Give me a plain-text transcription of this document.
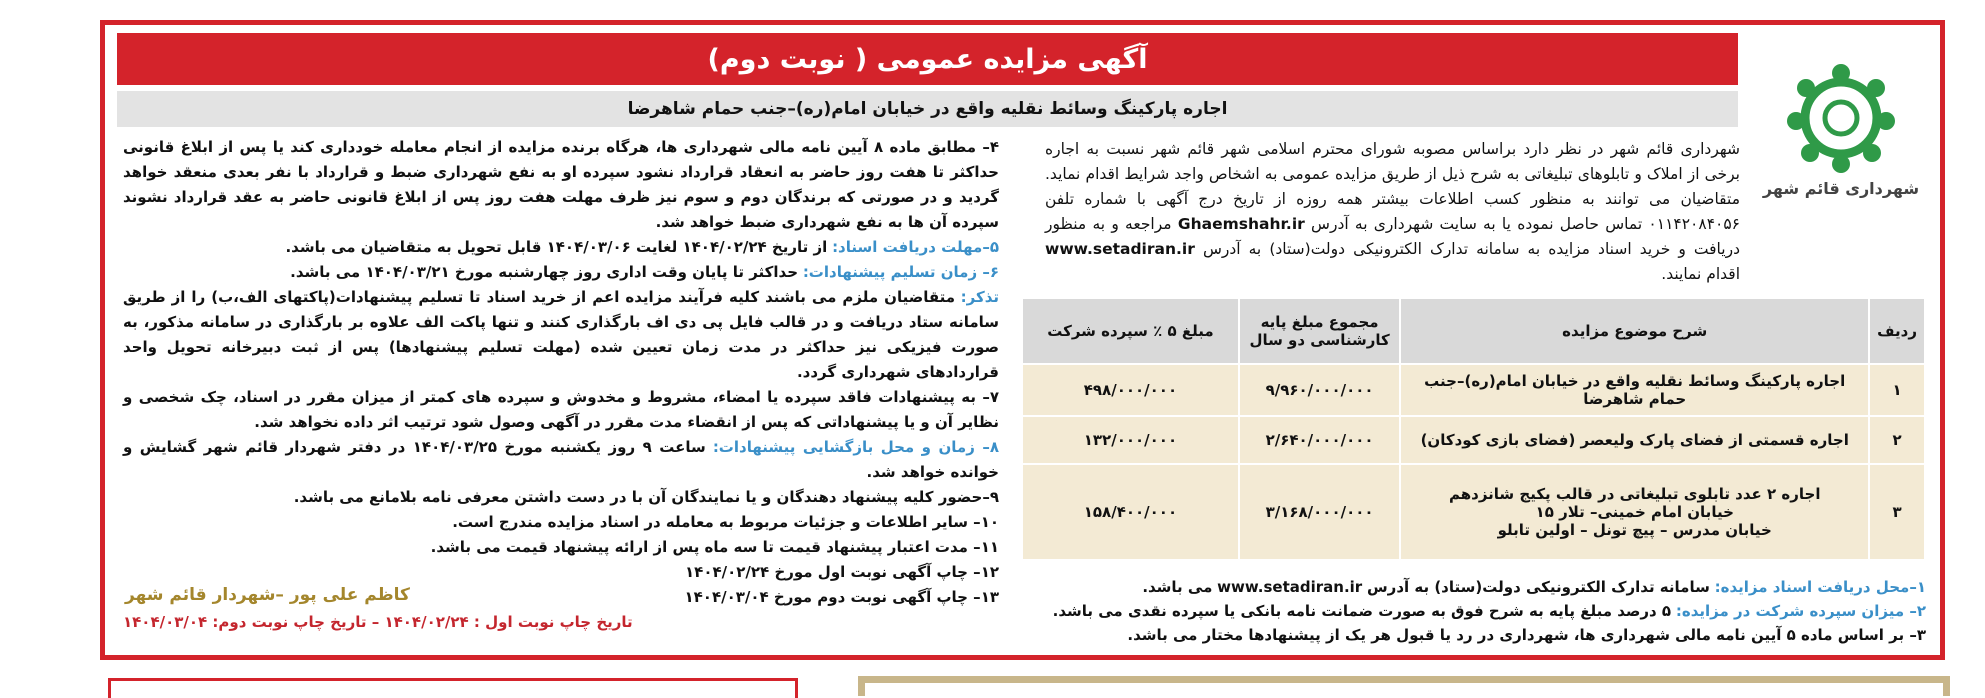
آگهی مزایده عمومی ( نوبت دوم)
اجاره پارکینگ وسائط نقلیه واقع در خیابان امام(ره)–جنب حمام شاهرضا
شهرداری قائم شهر
شهرداری قائم شهر در نظر دارد براساس مصوبه شورای محترم اسلامی شهر قائم شهر نسبت به اجاره برخی از املاک و تابلوهای تبلیغاتی به شرح ذیل از طریق مزایده عمومی به اشخاص واجد شرایط اقدام نماید. متقاضیان می توانند به منظور کسب اطلاعات بیشتر همه روزه از تاریخ درج آگهی با شماره تلفن ۰۱۱۴۲۰۸۴۰۵۶ تماس حاصل نموده یا به سایت شهرداری به آدرس Ghaemshahr.ir مراجعه و به منظور دریافت و خرید اسناد مزایده به سامانه تدارک الکترونیکی دولت(ستاد) به آدرس www.setadiran.ir اقدام نمایند.
ردیف	شرح موضوع مزایده	مجموع مبلغ پایه کارشناسی دو سال	مبلغ ۵ ٪ سپرده شرکت
۱	اجاره پارکینگ وسائط نقلیه واقع در خیابان امام(ره)–جنب حمام شاهرضا	۹/۹۶۰/۰۰۰/۰۰۰	۴۹۸/۰۰۰/۰۰۰
۲	اجاره قسمتی از فضای پارک ولیعصر (فضای بازی کودکان)	۲/۶۴۰/۰۰۰/۰۰۰	۱۳۲/۰۰۰/۰۰۰
۳	اجاره ۲ عدد تابلوی تبلیغاتی در قالب پکیج شانزدهم
خیابان امام خمینی– تلار ۱۵
خیابان مدرس – پیچ تونل – اولین تابلو	۳/۱۶۸/۰۰۰/۰۰۰	۱۵۸/۴۰۰/۰۰۰
۱–محل دریافت اسناد مزایده: سامانه تدارک الکترونیکی دولت(ستاد) به آدرس www.setadiran.ir می باشد.
۲– میزان سپرده شرکت در مزایده: ۵ درصد مبلغ پایه به شرح فوق به صورت ضمانت نامه بانکی یا سپرده نقدی می باشد.
۳– بر اساس ماده ۵ آیین نامه مالی شهرداری ها، شهرداری در رد یا قبول هر یک از پیشنهادها مختار می باشد.
۴– مطابق ماده ۸ آیین نامه مالی شهرداری ها، هرگاه برنده مزایده از انجام معامله خودداری کند یا پس از ابلاغ قانونی حداکثر تا هفت روز حاضر به انعقاد قرارداد نشود سپرده او به نفع شهرداری ضبط و قرارداد با نفر بعدی منعقد خواهد گردید و در صورتی که برندگان دوم و سوم نیز ظرف مهلت هفت روز پس از ابلاغ قانونی حاضر به عقد قرارداد نشوند سپرده آن ها به نفع شهرداری ضبط خواهد شد.
۵–مهلت دریافت اسناد: از تاریخ ۱۴۰۴/۰۲/۲۴ لغایت ۱۴۰۴/۰۳/۰۶ قابل تحویل به متقاضیان می باشد.
۶– زمان تسلیم پیشنهادات: حداکثر تا پایان وقت اداری روز چهارشنبه مورخ ۱۴۰۴/۰۳/۲۱ می باشد.
تذکر: متقاضیان ملزم می باشند کلیه فرآیند مزایده اعم از خرید اسناد تا تسلیم پیشنهادات(پاکتهای الف،ب) را از طریق سامانه ستاد دریافت و در قالب فایل پی دی اف بارگذاری کنند و تنها پاکت الف علاوه بر بارگذاری در سامانه مذکور، به صورت فیزیکی نیز حداکثر در مدت زمان تعیین شده (مهلت تسلیم پیشنهادها) پس از ثبت دبیرخانه تحویل واحد قراردادهای شهرداری گردد.
۷– به پیشنهادات فاقد سپرده یا امضاء، مشروط و مخدوش و سپرده های کمتر از میزان مقرر در اسناد، چک شخصی و نظایر آن و یا پیشنهاداتی که پس از انقضاء مدت مقرر در آگهی وصول شود ترتیب اثر داده نخواهد شد.
۸– زمان و محل بازگشایی پیشنهادات: ساعت ۹ روز یکشنبه مورخ ۱۴۰۴/۰۳/۲۵ در دفتر شهردار قائم شهر گشایش و خوانده خواهد شد.
۹–حضور کلیه پیشنهاد دهندگان و یا نمایندگان آن با در دست داشتن معرفی نامه بلامانع می باشد.
۱۰– سایر اطلاعات و جزئیات مربوط به معامله در اسناد مزایده مندرج است.
۱۱– مدت اعتبار پیشنهاد قیمت تا سه ماه پس از ارائه پیشنهاد قیمت می باشد.
۱۲– چاپ آگهی نوبت اول مورخ ۱۴۰۴/۰۲/۲۴
۱۳– چاپ آگهی نوبت دوم مورخ ۱۴۰۴/۰۳/۰۴
کاظم علی پور –شهردار قائم شهر
تاریخ چاپ نوبت اول : ۱۴۰۴/۰۲/۲۴ – تاریخ چاپ نوبت دوم: ۱۴۰۴/۰۳/۰۴
